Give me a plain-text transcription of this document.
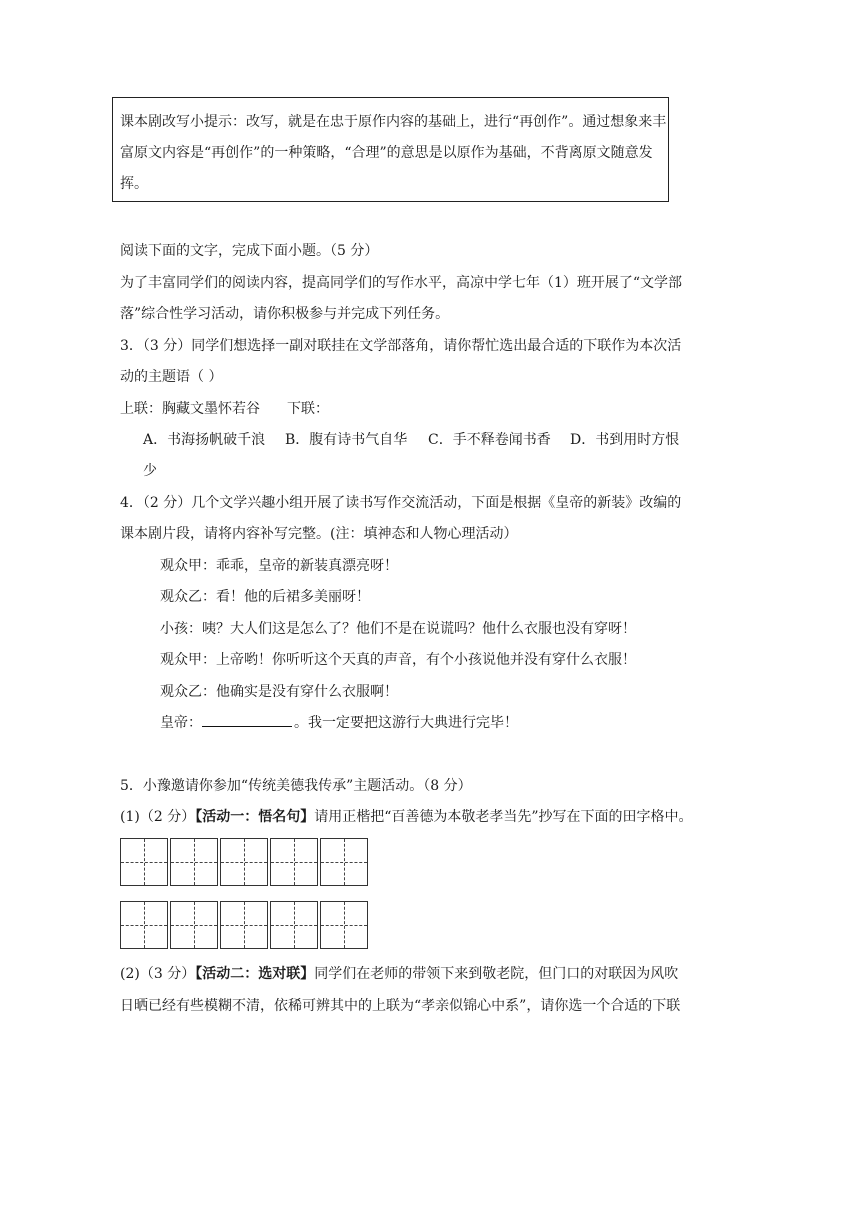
课本剧改写小提示：改写，就是在忠于原作内容的基础上，进行“再创作”。通过想象来丰
富原文内容是“再创作”的一种策略，“合理”的意思是以原作为基础，不背离原文随意发
挥。
阅读下面的文字，完成下面小题。（5 分）
为了丰富同学们的阅读内容，提高同学们的写作水平，高凉中学七年（1）班开展了“文学部
落”综合性学习活动，请你积极参与并完成下列任务。
3．（3 分）同学们想选择一副对联挂在文学部落角，请你帮忙选出最合适的下联作为本次活
动的主题语（ ）
上联：胸藏文墨怀若谷 下联：
A．书海扬帆破千浪 B．腹有诗书气自华 C．手不释卷闻书香 D．书到用时方恨
少
4．（2 分）几个文学兴趣小组开展了读书写作交流活动，下面是根据《皇帝的新装》改编的
课本剧片段，请将内容补写完整。(注：填神态和人物心理活动）
观众甲：乖乖，皇帝的新装真漂亮呀！
观众乙：看！他的后裙多美丽呀！
小孩：咦？大人们这是怎么了？他们不是在说谎吗？他什么衣服也没有穿呀！
观众甲：上帝哟！你听听这个天真的声音，有个小孩说他并没有穿什么衣服！
观众乙：他确实是没有穿什么衣服啊！
皇帝：	。我一定要把这游行大典进行完毕！
5．小豫邀请你参加“传统美德我传承”主题活动。（8 分）
(1)（2 分）【活动一：悟名句】请用正楷把“百善德为本敬老孝当先”抄写在下面的田字格中。
(2)（3 分）【活动二：选对联】同学们在老师的带领下来到敬老院，但门口的对联因为风吹
日晒已经有些模糊不清，依稀可辨其中的上联为“孝亲似锦心中系”，请你选一个合适的下联
